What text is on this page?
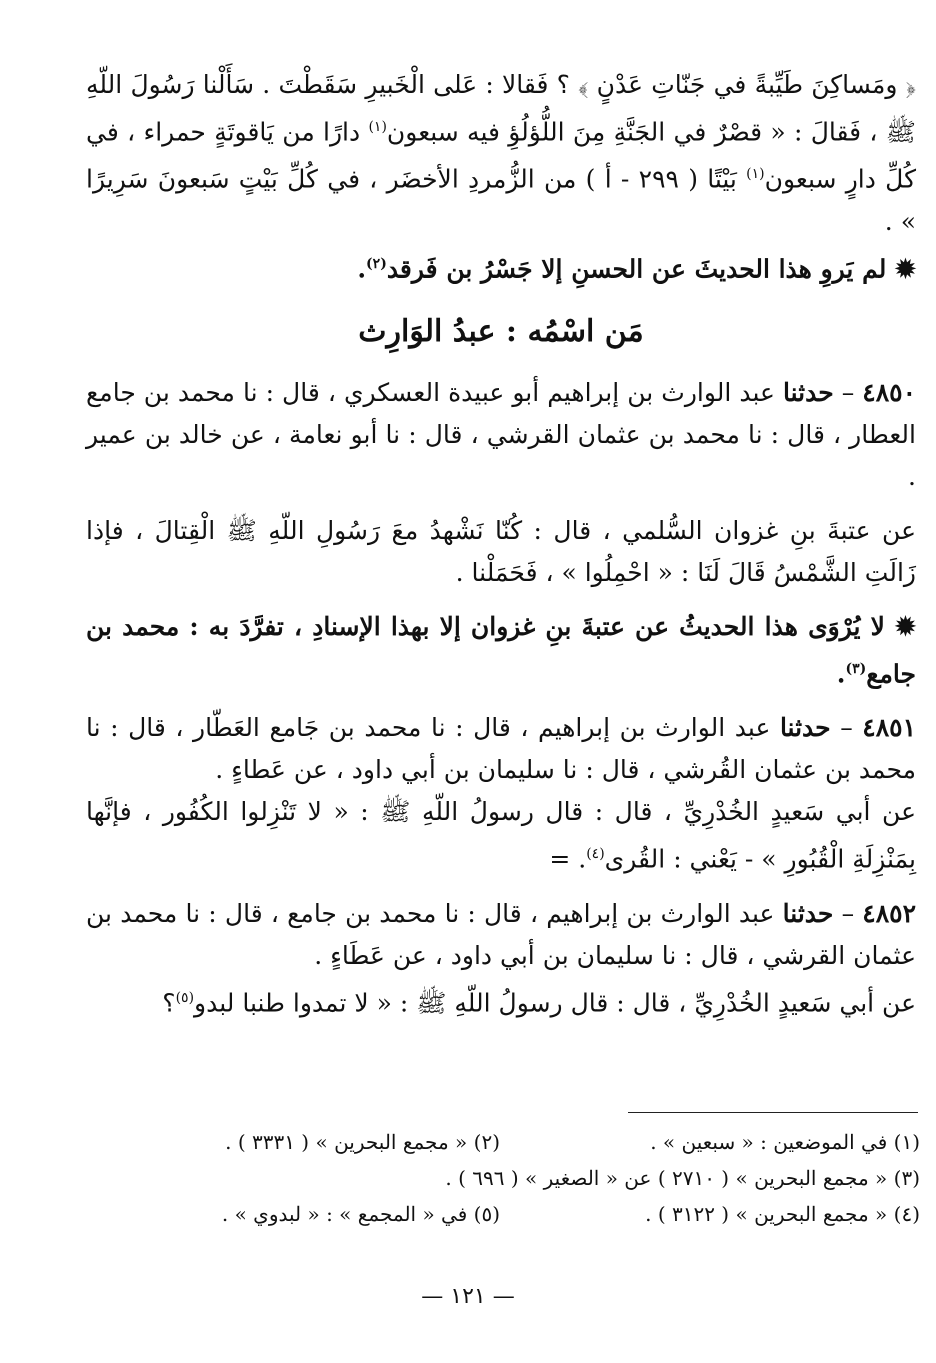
﴿ ومَساكِنَ طَيِّبةً في جَنّاتِ عَدْنٍ ﴾ ؟ فَقالا : عَلى الْخَبيرِ سَقَطْتَ . سَأَلْنا رَسُولَ اللّهِ ﷺ ، فَقالَ : « قصْرٌ في الجَنَّةِ مِنَ اللُّؤلُؤِ فيه سبعون$^{(١)}$ دارًا من يَاقوتَةٍ حمراء ، في كُلِّ دارٍ سبعون$^{(١)}$ بَيْتًا ( ٢٩٩ - أ ) من الزُّمردِ الأخضَر ، في كُلِّ بَيْتٍ سَبعونَ سَرِيرًا » .

✹ لم يَروِ هذا الحديثَ عن الحسنِ إلا جَسْرُ بن فَرقد$^{(٢)}$.

مَن اسْمُه : عبدُ الوَارِث

٤٨٥٠ – حدثنا عبد الوارث بن إبراهيم أبو عبيدة العسكري ، قال : نا محمد بن جامع العطار ، قال : نا محمد بن عثمان القرشي ، قال : نا أبو نعامة ، عن خالد بن عمير .

عن عتبةَ بنِ غزوان السُّلمي ، قال : كُنّا نَشْهدُ معَ رَسُولِ اللّهِ ﷺ الْقِتالَ ، فإذا زَالَتِ الشَّمْسُ قَالَ لَنَا : « احْمِلُوا » ، فَحَمَلْنا .

✹ لا يُرْوَى هذا الحديثُ عن عتبةَ بنِ غزوان إلا بهذا الإسنادِ ، تفرَّدَ به : محمد بن جامع$^{(٣)}$.

٤٨٥١ – حدثنا عبد الوارث بن إبراهيم ، قال : نا محمد بن جَامع العَطّار ، قال : نا محمد بن عثمان القُرشي ، قال : نا سليمان بن أبي داود ، عن عَطاءٍ .

عن أبي سَعيدٍ الخُدْرِيِّ ، قال : قال رسولُ اللّهِ ﷺ : « لا تَنْزِلوا الكُفُور ، فإنَّها بِمَنْزِلَةِ الْقُبُورِ » - يَعْني : القُرى$^{(٤)}$. =

٤٨٥٢ – حدثنا عبد الوارث بن إبراهيم ، قال : نا محمد بن جامع ، قال : نا محمد بن عثمان القرشي ، قال : نا سليمان بن أبي داود ، عن عَطَاءٍ .

عن أبي سَعيدٍ الخُدْرِيِّ ، قال : قال رسولُ اللّهِ ﷺ : « لا تمدوا طنبا لبدو$^{(٥)}$؟

(١) في الموضعين : « سبعين » .
(٢) « مجمع البحرين » ( ٣٣٣١ ) .
(٣) « مجمع البحرين » ( ٢٧١٠ ) عن « الصغير » ( ٦٩٦ ) .
(٤) « مجمع البحرين » ( ٣١٢٢ ) .
(٥) في « المجمع » : « لبدوي » .
— ١٢١ —
